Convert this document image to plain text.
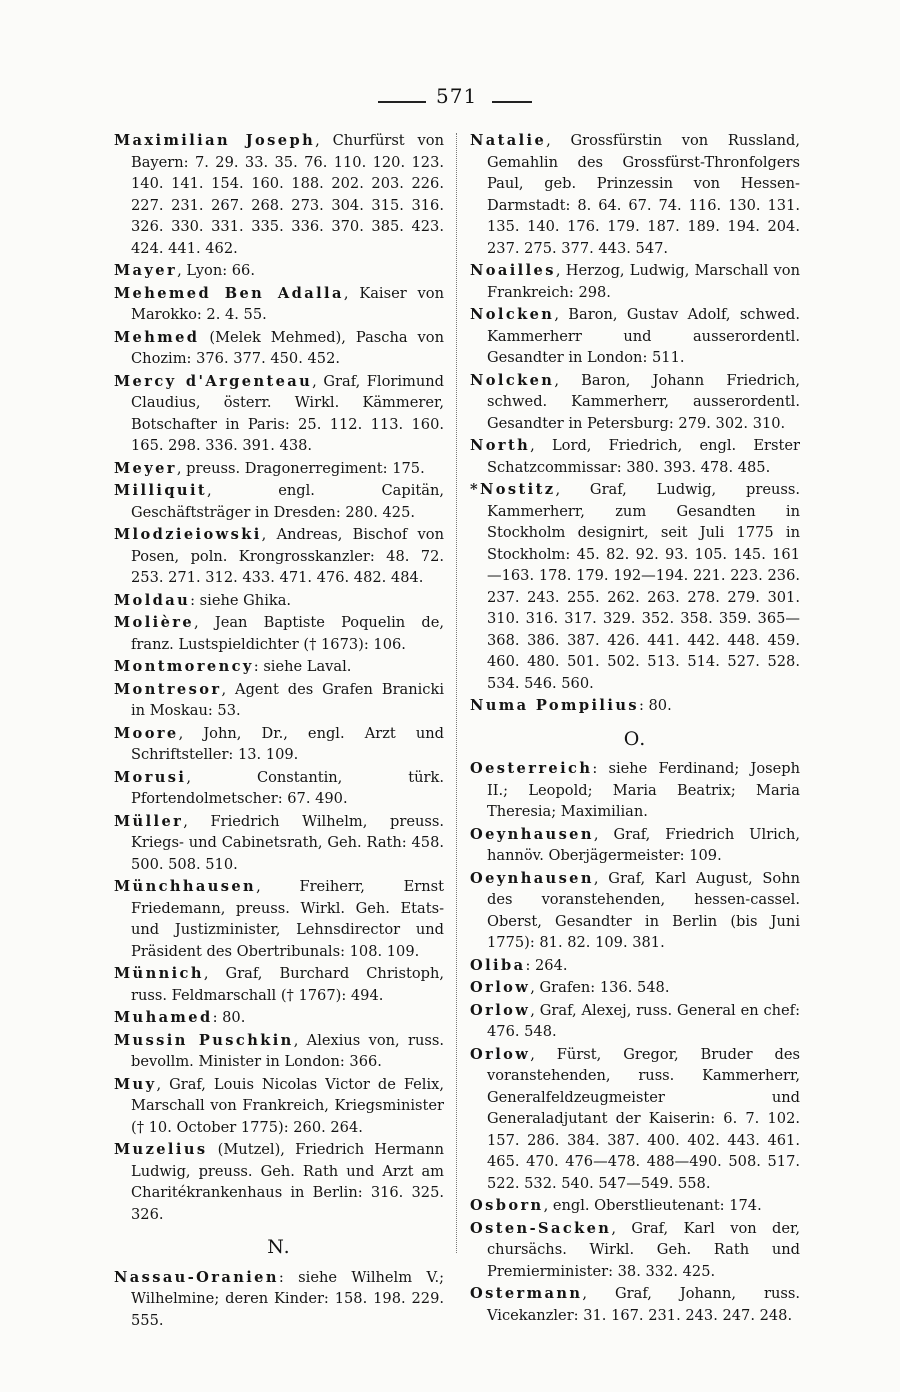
571
Maximilian Joseph, Churfürst von Bayern: 7. 29. 33. 35. 76. 110. 120. 123. 140. 141. 154. 160. 188. 202. 203. 226. 227. 231. 267. 268. 273. 304. 315. 316. 326. 330. 331. 335. 336. 370. 385. 423. 424. 441. 462.
Mayer, Lyon: 66.
Mehemed Ben Adalla, Kaiser von Marokko: 2. 4. 55.
Mehmed (Melek Mehmed), Pascha von Chozim: 376. 377. 450. 452.
Mercy d'Argenteau, Graf, Florimund Claudius, österr. Wirkl. Kämmerer, Botschafter in Paris: 25. 112. 113. 160. 165. 298. 336. 391. 438.
Meyer, preuss. Dragonerregiment: 175.
Milliquit, engl. Capitän, Geschäftsträger in Dresden: 280. 425.
Mlodzieiowski, Andreas, Bischof von Posen, poln. Krongrosskanzler: 48. 72. 253. 271. 312. 433. 471. 476. 482. 484.
Moldau: siehe Ghika.
Molière, Jean Baptiste Poquelin de, franz. Lustspieldichter († 1673): 106.
Montmorency: siehe Laval.
Montresor, Agent des Grafen Branicki in Moskau: 53.
Moore, John, Dr., engl. Arzt und Schriftsteller: 13. 109.
Morusi, Constantin, türk. Pfortendolmetscher: 67. 490.
Müller, Friedrich Wilhelm, preuss. Kriegs- und Cabinetsrath, Geh. Rath: 458. 500. 508. 510.
Münchhausen, Freiherr, Ernst Friedemann, preuss. Wirkl. Geh. Etats- und Justizminister, Lehnsdirector und Präsident des Obertribunals: 108. 109.
Münnich, Graf, Burchard Christoph, russ. Feldmarschall († 1767): 494.
Muhamed: 80.
Mussin Puschkin, Alexius von, russ. bevollm. Minister in London: 366.
Muy, Graf, Louis Nicolas Victor de Felix, Marschall von Frankreich, Kriegsminister († 10. October 1775): 260. 264.
Muzelius (Mutzel), Friedrich Hermann Ludwig, preuss. Geh. Rath und Arzt am Charitékrankenhaus in Berlin: 316. 325. 326.
N.
Nassau-Oranien: siehe Wilhelm V.; Wilhelmine; deren Kinder: 158. 198. 229. 555.
Natalie, Grossfürstin von Russland, Gemahlin des Grossfürst-Thronfolgers Paul, geb. Prinzessin von Hessen-Darmstadt: 8. 64. 67. 74. 116. 130. 131. 135. 140. 176. 179. 187. 189. 194. 204. 237. 275. 377. 443. 547.
Noailles, Herzog, Ludwig, Marschall von Frankreich: 298.
Nolcken, Baron, Gustav Adolf, schwed. Kammerherr und ausserordentl. Gesandter in London: 511.
Nolcken, Baron, Johann Friedrich, schwed. Kammerherr, ausserordentl. Gesandter in Petersburg: 279. 302. 310.
North, Lord, Friedrich, engl. Erster Schatzcommissar: 380. 393. 478. 485.
*Nostitz, Graf, Ludwig, preuss. Kammerherr, zum Gesandten in Stockholm designirt, seit Juli 1775 in Stockholm: 45. 82. 92. 93. 105. 145. 161—163. 178. 179. 192—194. 221. 223. 236. 237. 243. 255. 262. 263. 278. 279. 301. 310. 316. 317. 329. 352. 358. 359. 365—368. 386. 387. 426. 441. 442. 448. 459. 460. 480. 501. 502. 513. 514. 527. 528. 534. 546. 560.
Numa Pompilius: 80.
O.
Oesterreich: siehe Ferdinand; Joseph II.; Leopold; Maria Beatrix; Maria Theresia; Maximilian.
Oeynhausen, Graf, Friedrich Ulrich, hannöv. Oberjägermeister: 109.
Oeynhausen, Graf, Karl August, Sohn des voranstehenden, hessen-cassel. Oberst, Gesandter in Berlin (bis Juni 1775): 81. 82. 109. 381.
Oliba: 264.
Orlow, Grafen: 136. 548.
Orlow, Graf, Alexej, russ. General en chef: 476. 548.
Orlow, Fürst, Gregor, Bruder des voranstehenden, russ. Kammerherr, Generalfeldzeugmeister und Generaladjutant der Kaiserin: 6. 7. 102. 157. 286. 384. 387. 400. 402. 443. 461. 465. 470. 476—478. 488—490. 508. 517. 522. 532. 540. 547—549. 558.
Osborn, engl. Oberstlieutenant: 174.
Osten-Sacken, Graf, Karl von der, chursächs. Wirkl. Geh. Rath und Premierminister: 38. 332. 425.
Ostermann, Graf, Johann, russ. Vicekanzler: 31. 167. 231. 243. 247. 248.
